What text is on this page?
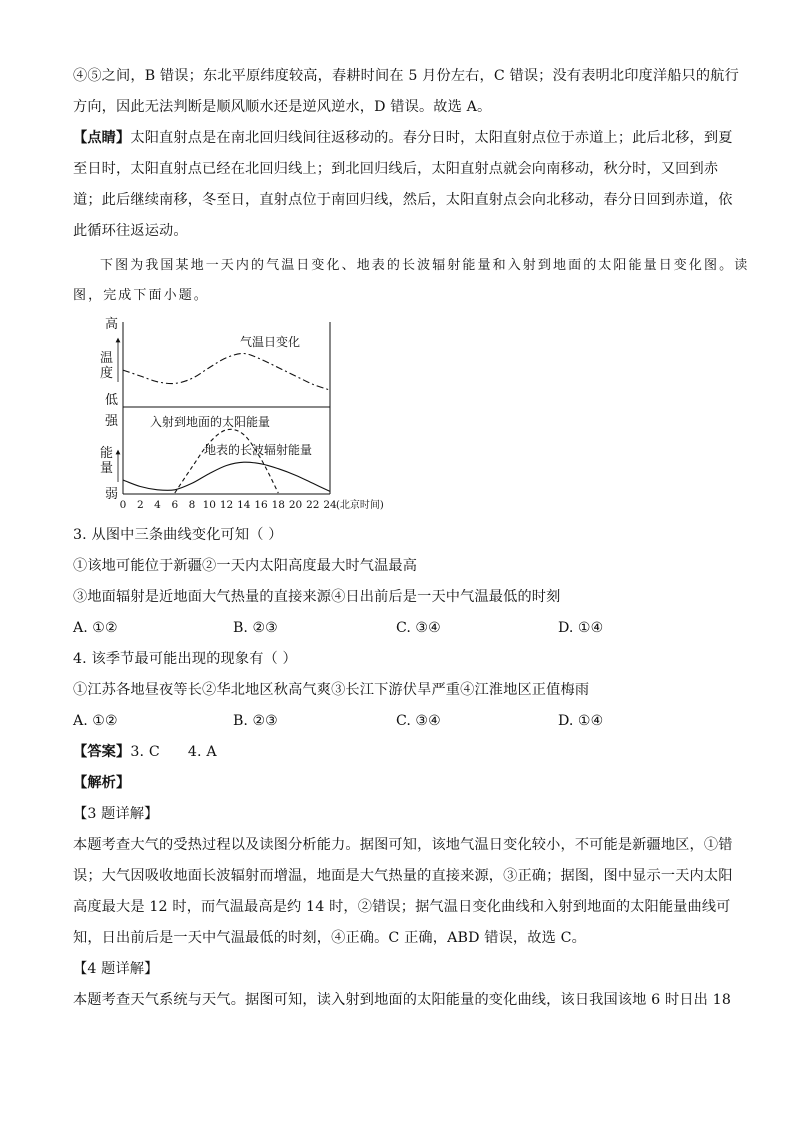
④⑤之间，B 错误；东北平原纬度较高，春耕时间在 5 月份左右，C 错误；没有表明北印度洋船只的航行
方向，因此无法判断是顺风顺水还是逆风逆水，D 错误。故选 A。
【点睛】太阳直射点是在南北回归线间往返移动的。春分日时，太阳直射点位于赤道上；此后北移，到夏
至日时，太阳直射点已经在北回归线上；到北回归线后，太阳直射点就会向南移动，秋分时，又回到赤
道；此后继续南移，冬至日，直射点位于南回归线，然后，太阳直射点会向北移动，春分日回到赤道，依
此循环往返运动。
下图为我国某地一天内的气温日变化、地表的长波辐射能量和入射到地面的太阳能量日变化图。读
图，完成下面小题。
高
温
度
低
强
能
量
弱
气温日变化
入射到地面的太阳能量
地表的长波辐射能量
0 2 4 6 8 10 12 14 16 18 20 22 24 (北京时间)
3. 从图中三条曲线变化可知（ ）
①该地可能位于新疆②一天内太阳高度最大时气温最高
③地面辐射是近地面大气热量的直接来源④日出前后是一天中气温最低的时刻
A. ①②	B. ②③	C. ③④	D. ①④
4. 该季节最可能出现的现象有（ ）
①江苏各地昼夜等长②华北地区秋高气爽③长江下游伏旱严重④江淮地区正值梅雨
A. ①②	B. ②③	C. ③④	D. ①④
【答案】3. C      4. A
【解析】
【3 题详解】
本题考查大气的受热过程以及读图分析能力。据图可知，该地气温日变化较小，不可能是新疆地区，①错
误；大气因吸收地面长波辐射而增温，地面是大气热量的直接来源，③正确；据图，图中显示一天内太阳
高度最大是 12 时，而气温最高是约 14 时，②错误；据气温日变化曲线和入射到地面的太阳能量曲线可
知，日出前后是一天中气温最低的时刻，④正确。C 正确，ABD 错误，故选 C。
【4 题详解】
本题考查天气系统与天气。据图可知，读入射到地面的太阳能量的变化曲线，该日我国该地 6 时日出 18
